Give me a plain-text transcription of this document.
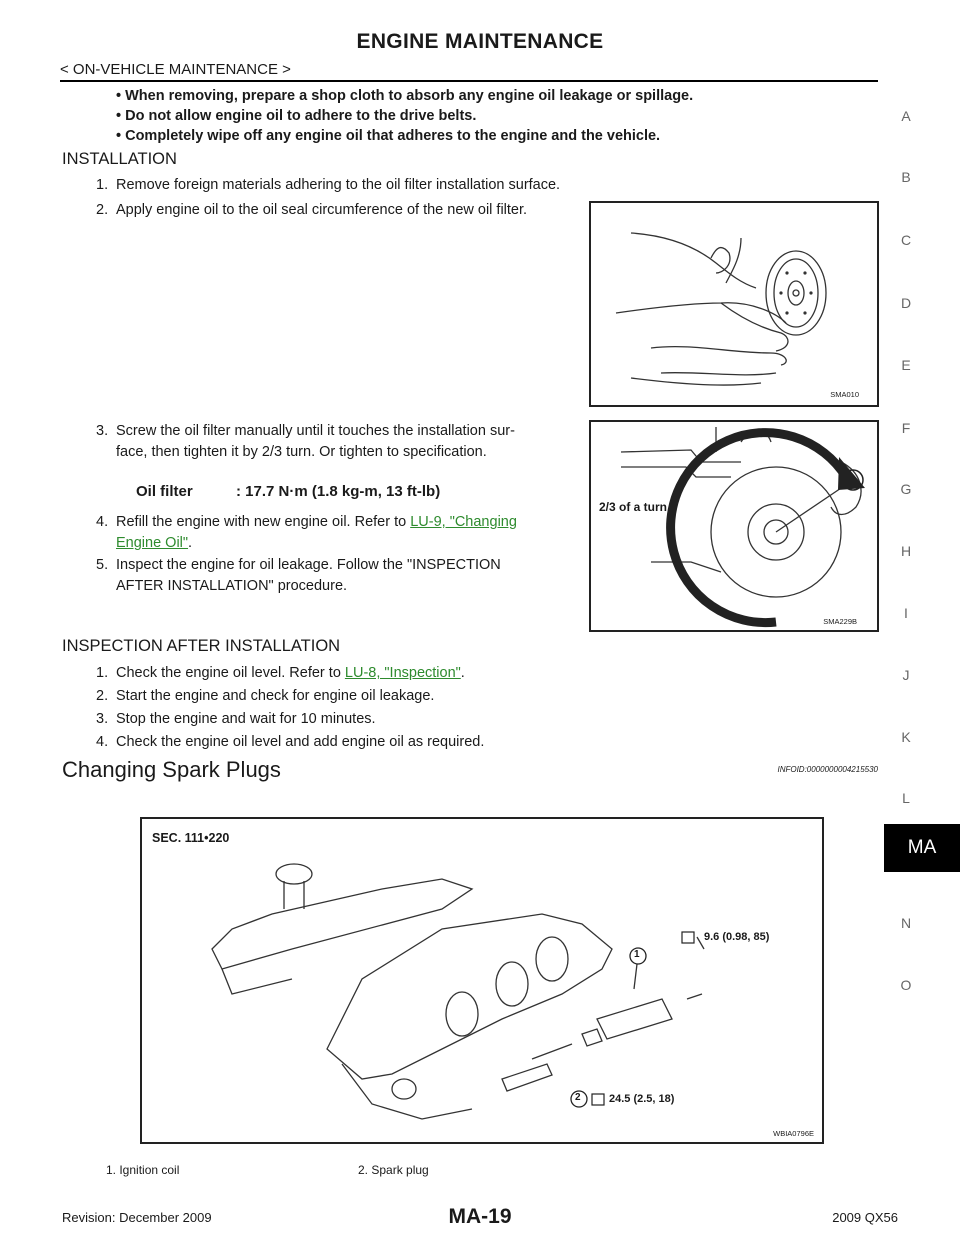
ENGINE MAINTENANCE
< ON-VEHICLE MAINTENANCE >
A
B
C
D
E
F
G
H
I
J
K
L
N
O
MA
• When removing, prepare a shop cloth to absorb any engine oil leakage or spillage.
• Do not allow engine oil to adhere to the drive belts.
• Completely wipe off any engine oil that adheres to the engine and the vehicle.
INSTALLATION
1. Remove foreign materials adhering to the oil filter installation surface.
2. Apply engine oil to the oil seal circumference of the new oil filter.
3. Screw the oil filter manually until it touches the installation sur-
face, then tighten it by 2/3 turn. Or tighten to specification.
Oil filter	: 17.7 N·m (1.8 kg-m, 13 ft-lb)
4. Refill the engine with new engine oil. Refer to LU-9, "Changing
Engine Oil".
5. Inspect the engine for oil leakage. Follow the "INSPECTION
AFTER INSTALLATION" procedure.
INSPECTION AFTER INSTALLATION
1. Check the engine oil level. Refer to LU-8, "Inspection".
2. Start the engine and check for engine oil leakage.
3. Stop the engine and wait for 10 minutes.
4. Check the engine oil level and add engine oil as required.
Changing Spark Plugs	INFOID:0000000004215530
SMA010
2/3 of a turn
SMA229B
SEC. 111•220
1
2
9.6 (0.98, 85)
24.5 (2.5, 18)
WBIA0796E
1. Ignition coil	2. Spark plug
Revision: December 2009	MA-19	2009 QX56
